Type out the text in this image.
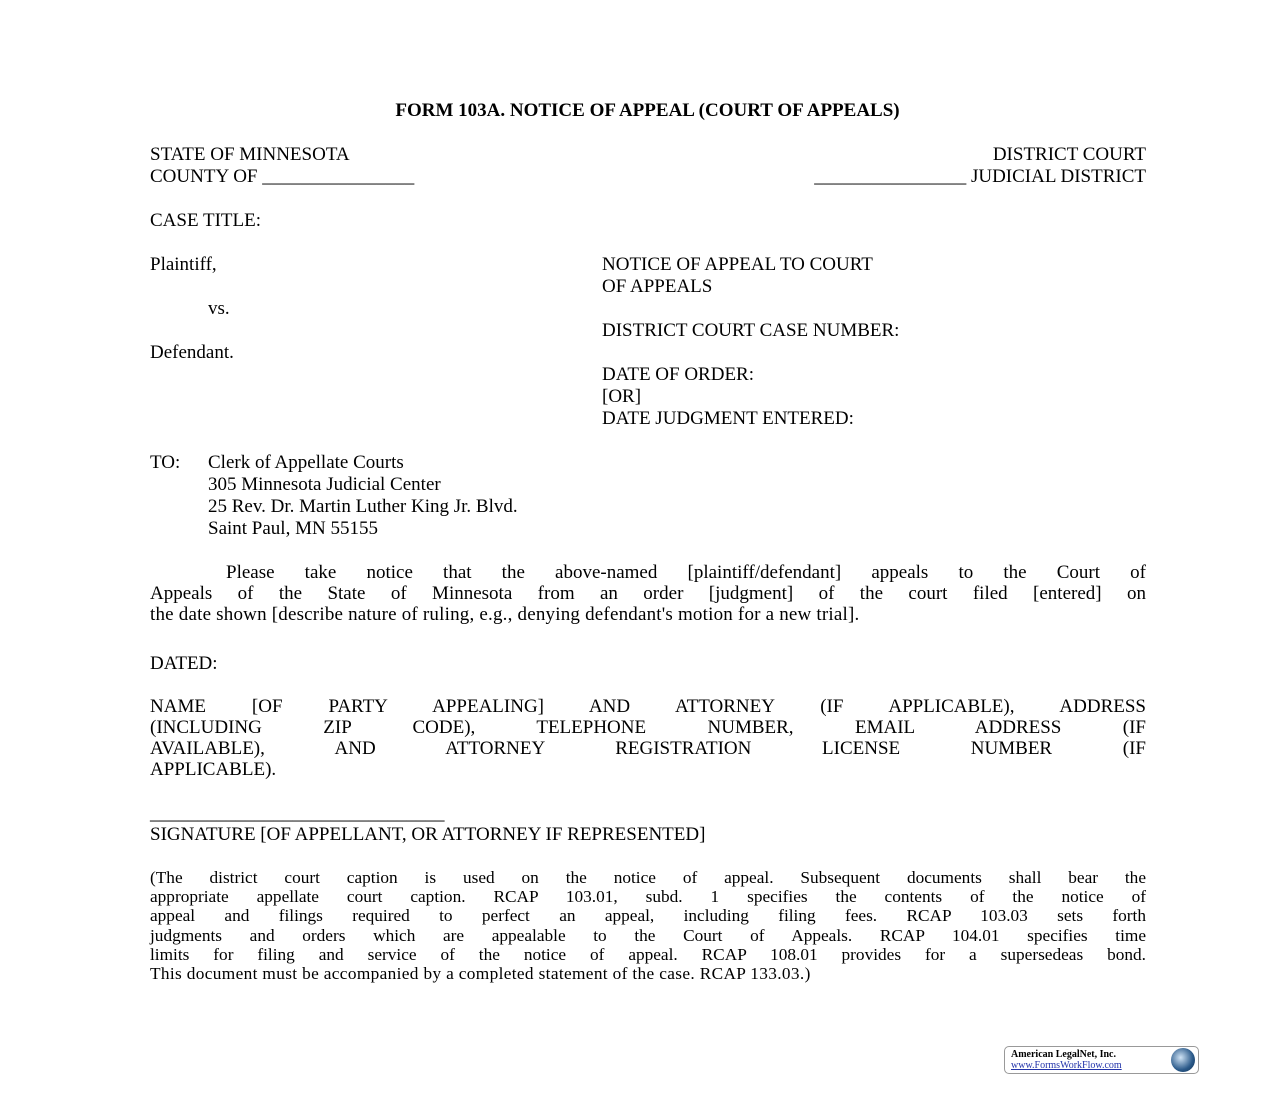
FORM 103A. NOTICE OF APPEAL (COURT OF APPEALS)
STATE OF MINNESOTA
COUNTY OF ________________
DISTRICT COURT
________________ JUDICIAL DISTRICT
CASE TITLE:
Plaintiff,
vs.
Defendant.
NOTICE OF APPEAL TO COURT
OF APPEALS
DISTRICT COURT CASE NUMBER:
DATE OF ORDER:
[OR]
DATE JUDGMENT ENTERED:
TO: Clerk of Appellate Courts
305 Minnesota Judicial Center
25 Rev. Dr. Martin Luther King Jr. Blvd.
Saint Paul, MN 55155
Please take notice that the above-named [plaintiff/defendant] appeals to the Court of
Appeals of the State of Minnesota from an order [judgment] of the court filed [entered] on
the date shown [describe nature of ruling, e.g., denying defendant's motion for a new trial].
DATED:
NAME [OF PARTY APPEALING] AND ATTORNEY (IF APPLICABLE), ADDRESS
(INCLUDING ZIP CODE), TELEPHONE NUMBER, EMAIL ADDRESS (IF
AVAILABLE), AND ATTORNEY REGISTRATION LICENSE NUMBER (IF
APPLICABLE).
_______________________________
SIGNATURE [OF APPELLANT, OR ATTORNEY IF REPRESENTED]
(The district court caption is used on the notice of appeal. Subsequent documents shall bear the
appropriate appellate court caption. RCAP 103.01, subd. 1 specifies the contents of the notice of
appeal and filings required to perfect an appeal, including filing fees. RCAP 103.03 sets forth
judgments and orders which are appealable to the Court of Appeals. RCAP 104.01 specifies time
limits for filing and service of the notice of appeal. RCAP 108.01 provides for a supersedeas bond.
This document must be accompanied by a completed statement of the case. RCAP 133.03.)
American LegalNet, Inc.
www.FormsWorkFlow.com
